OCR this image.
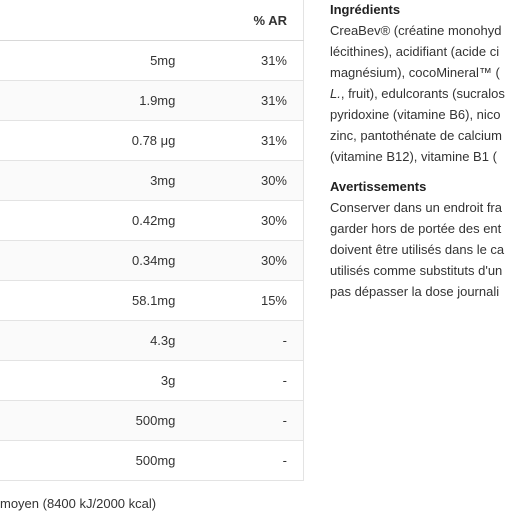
		% AR
	5mg	31%
	1.9mg	31%
	0.78 μg	31%
	3mg	30%
	0.42mg	30%
	0.34mg	30%
	58.1mg	15%
	4.3g	-
	3g	-
	500mg	-
	500mg	-
moyen (8400 kJ/2000 kcal)
Ingrédients
CreaBev® (créatine monohyd
lécithines), acidifiant (acide ci
magnésium), cocoMineral™ (
L., fruit), edulcorants (sucralos
pyridoxine (vitamine B6), nico
zinc, pantothénate de calcium
(vitamine B12), vitamine B1 (
Avertissements
Conserver dans un endroit fra
garder hors de portée des ent
doivent être utilisés dans le ca
utilisés comme substituts d'un
pas dépasser la dose journali
